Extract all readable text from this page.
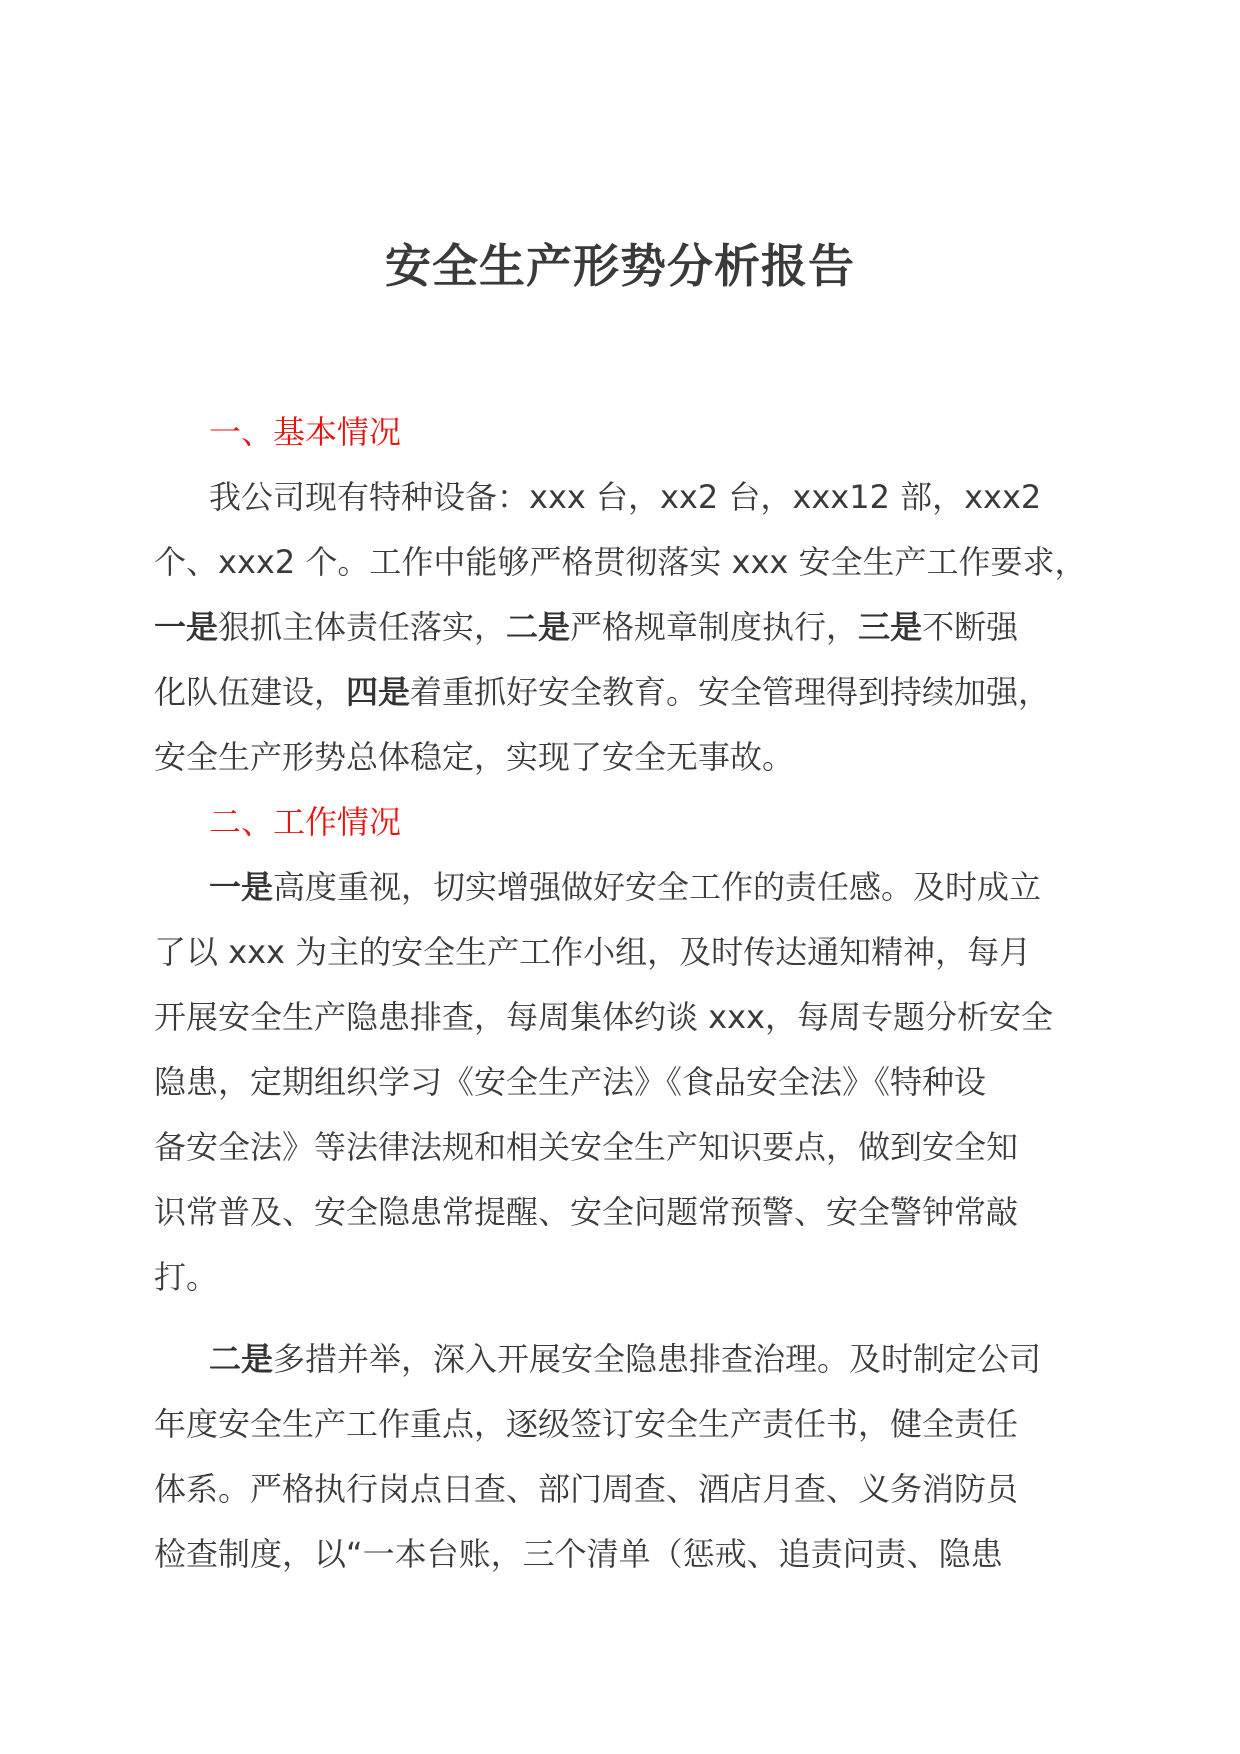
安全生产形势分析报告
一、基本情况
我公司现有特种设备：xxx 台，xx2 台，xxx12 部，xxx2
个、xxx2 个。工作中能够严格贯彻落实 xxx 安全生产工作要求，
一是狠抓主体责任落实，二是严格规章制度执行，三是不断强
化队伍建设，四是着重抓好安全教育。安全管理得到持续加强，
安全生产形势总体稳定，实现了安全无事故。
二、工作情况
一是高度重视，切实增强做好安全工作的责任感。及时成立
了以 xxx 为主的安全生产工作小组，及时传达通知精神，每月
开展安全生产隐患排查，每周集体约谈 xxx，每周专题分析安全
隐患，定期组织学习《安全生产法》《食品安全法》《特种设
备安全法》等法律法规和相关安全生产知识要点，做到安全知
识常普及、安全隐患常提醒、安全问题常预警、安全警钟常敲
打。
二是多措并举，深入开展安全隐患排查治理。及时制定公司
年度安全生产工作重点，逐级签订安全生产责任书，健全责任
体系。严格执行岗点日查、部门周查、酒店月查、义务消防员
检查制度，以“一本台账，三个清单（惩戒、追责问责、隐患
